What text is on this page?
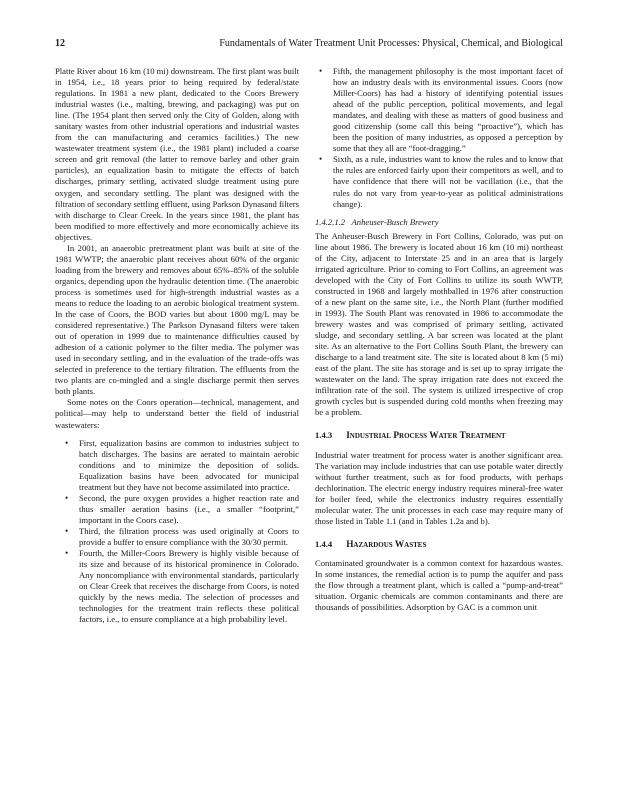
12	Fundamentals of Water Treatment Unit Processes: Physical, Chemical, and Biological

Platte River about 16 km (10 mi) downstream. The first plant was built in 1954, i.e., 18 years prior to being required by federal/state regulations. In 1981 a new plant, dedicated to the Coors Brewery industrial wastes (i.e., malting, brewing, and packaging) was put on line. (The 1954 plant then served only the City of Golden, along with sanitary wastes from other industrial operations and industrial wastes from the can manufacturing and ceramics facilities.) The new wastewater treatment system (i.e., the 1981 plant) included a coarse screen and grit removal (the latter to remove barley and other grain particles), an equalization basin to mitigate the effects of batch discharges, primary settling, activated sludge treatment using pure oxygen, and secondary settling. The plant was designed with the filtration of secondary settling effluent, using Parkson Dynasand filters with discharge to Clear Creek. In the years since 1981, the plant has been modified to more effectively and more economically achieve its objectives.

In 2001, an anaerobic pretreatment plant was built at site of the 1981 WWTP; the anaerobic plant receives about 60% of the organic loading from the brewery and removes about 65%–85% of the soluble organics, depending upon the hydraulic detention time. (The anaerobic process is sometimes used for high-strength industrial wastes as a means to reduce the loading to an aerobic biological treatment system. In the case of Coors, the BOD varies but about 1800 mg/L may be considered representative.) The Parkson Dynasand filters were taken out of operation in 1999 due to maintenance difficulties caused by adhesion of a cationic polymer to the filter media. The polymer was used in secondary settling, and in the evaluation of the trade-offs was selected in preference to the tertiary filtration. The effluents from the two plants are co-mingled and a single discharge permit then serves both plants.

Some notes on the Coors operation—technical, management, and political—may help to understand better the field of industrial wastewaters:

• First, equalization basins are common to industries subject to batch discharges. The basins are aerated to maintain aerobic conditions and to minimize the deposition of solids. Equalization basins have been advocated for municipal treatment but they have not become assimilated into practice.
• Second, the pure oxygen provides a higher reaction rate and thus smaller aeration basins (i.e., a smaller “footprint,” important in the Coors case).
• Third, the filtration process was used originally at Coors to provide a buffer to ensure compliance with the 30/30 permit.
• Fourth, the Miller-Coors Brewery is highly visible because of its size and because of its historical prominence in Colorado. Any noncompliance with environmental standards, particularly on Clear Creek that receives the discharge from Coors, is noted quickly by the news media. The selection of processes and technologies for the treatment train reflects these political factors, i.e., to ensure compliance at a high probability level.
• Fifth, the management philosophy is the most important facet of how an industry deals with its environmental issues. Coors (now Miller-Coors) has had a history of identifying potential issues ahead of the public perception, political movements, and legal mandates, and dealing with these as matters of good business and good citizenship (some call this being “proactive”), which has been the position of many industries, as opposed a perception by some that they all are “foot-dragging.”
• Sixth, as a rule, industries want to know the rules and to know that the rules are enforced fairly upon their competitors as well, and to have confidence that there will not be vacillation (i.e., that the rules do not vary from year-to-year as political administrations change).
1.4.2.1.2 Anheuser-Busch Brewery

The Anheuser-Busch Brewery in Fort Collins, Colorado, was put on line about 1986. The brewery is located about 16 km (10 mi) northeast of the City, adjacent to Interstate 25 and in an area that is largely irrigated agriculture. Prior to coming to Fort Collins, an agreement was developed with the City of Fort Collins to utilize its south WWTP, constructed in 1968 and largely mothballed in 1976 after construction of a new plant on the same site, i.e., the North Plant (further modified in 1993). The South Plant was renovated in 1986 to accommodate the brewery wastes and was comprised of primary settling, activated sludge, and secondary settling. A bar screen was located at the plant site. As an alternative to the Fort Collins South Plant, the brewery can discharge to a land treatment site. The site is located about 8 km (5 mi) east of the plant. The site has storage and is set up to spray irrigate the wastewater on the land. The spray irrigation rate does not exceed the infiltration rate of the soil. The system is utilized irrespective of crop growth cycles but is suspended during cold months when freezing may be a problem.

1.4.3 Industrial Process Water Treatment

Industrial water treatment for process water is another significant area. The variation may include industries that can use potable water directly without further treatment, such as for food products, with perhaps dechlorination. The electric energy industry requires mineral-free water for boiler feed, while the electronics industry requires essentially molecular water. The unit processes in each case may require many of those listed in Table 1.1 (and in Tables 1.2a and b).

1.4.4 Hazardous Wastes

Contaminated groundwater is a common context for hazardous wastes. In some instances, the remedial action is to pump the aquifer and pass the flow through a treatment plant, which is called a “pump-and-treat” situation. Organic chemicals are common contaminants and there are thousands of possibilities. Adsorption by GAC is a common unit
